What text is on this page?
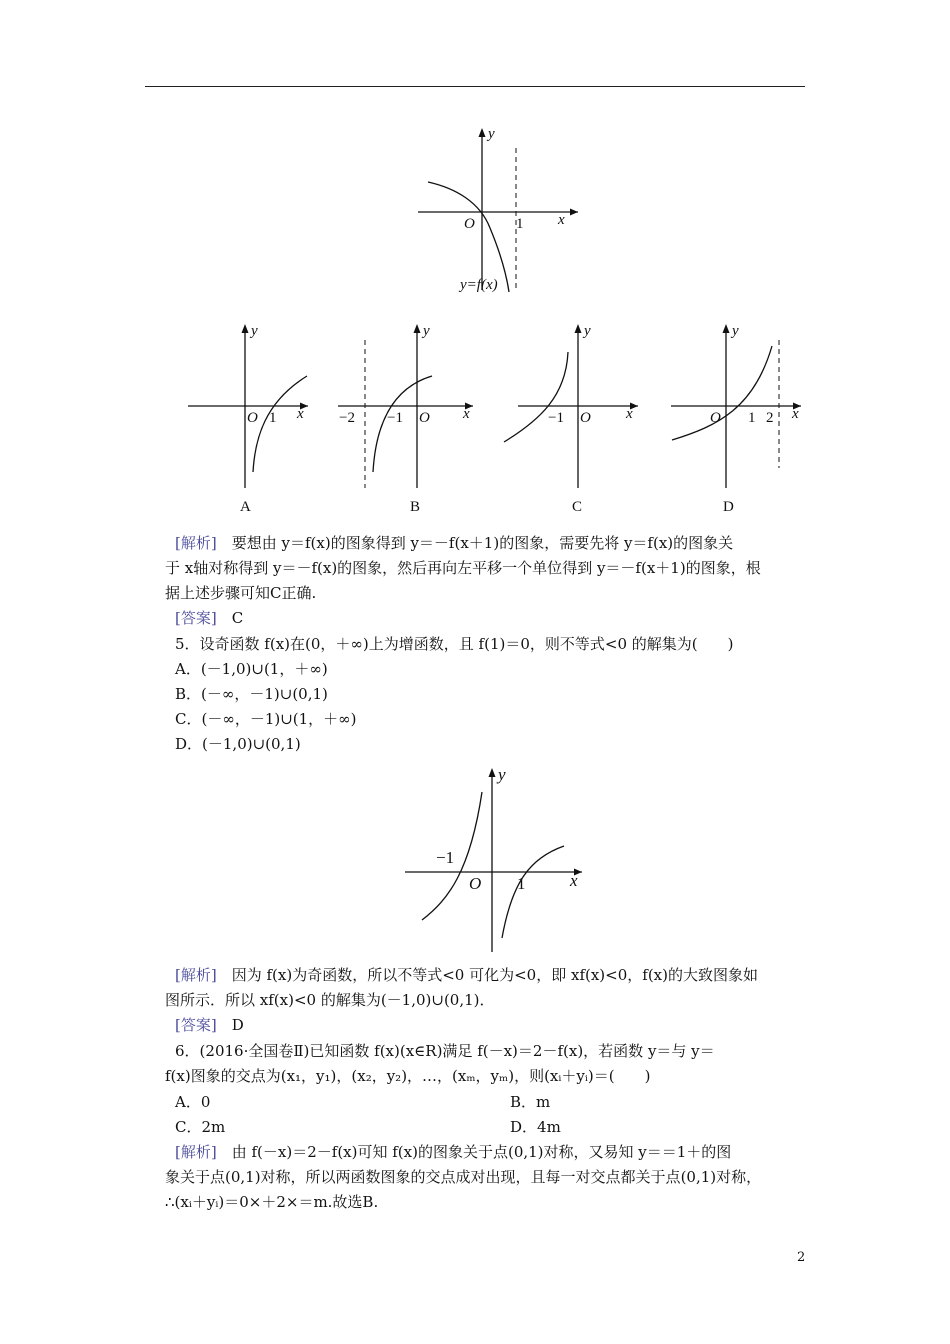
y
x
O	1
y=f(x)
y
x
O 1
A
y
x
−2 −1 O
B
y
x
−1 O
C
y
x
O 1 2
D
[解析]　 要想由 y＝f(x)的图象得到 y＝－f(x＋1)的图象，需要先将 y＝f(x)的图象关
于 x轴对称得到 y＝－f(x)的图象，然后再向左平移一个单位得到 y＝－f(x＋1)的图象，根
据上述步骤可知C正确.
[答案]　 C
5．设奇函数 f(x)在(0，＋∞)上为增函数，且 f(1)＝0，则不等式<0 的解集为(　　)
A．(－1,0)∪(1，＋∞)
B．(－∞，－1)∪(0,1)
C．(－∞，－1)∪(1，＋∞)
D．(－1,0)∪(0,1)
y
x
O 1
−1
[解析]　 因为 f(x)为奇函数，所以不等式<0 可化为<0，即 xf(x)<0，f(x)的大致图象如
图所示．所以 xf(x)<0 的解集为(－1,0)∪(0,1)．
[答案]　 D
6．(2016·全国卷Ⅱ)已知函数 f(x)(x∈R)满足 f(－x)＝2－f(x)，若函数 y＝与 y＝
f(x)图象的交点为(x₁，y₁)，(x₂，y₂)，…，(xₘ，yₘ)，则(xᵢ＋yᵢ)＝(　　)
A．0	B．m
C．2m	D．4m
[解析]　 由 f(－x)＝2－f(x)可知 f(x)的图象关于点(0,1)对称，又易知 y＝＝1＋的图
象关于点(0,1)对称，所以两函数图象的交点成对出现，且每一对交点都关于点(0,1)对称，
∴(xᵢ＋yᵢ)＝0×＋2×＝m.故选B.
2
